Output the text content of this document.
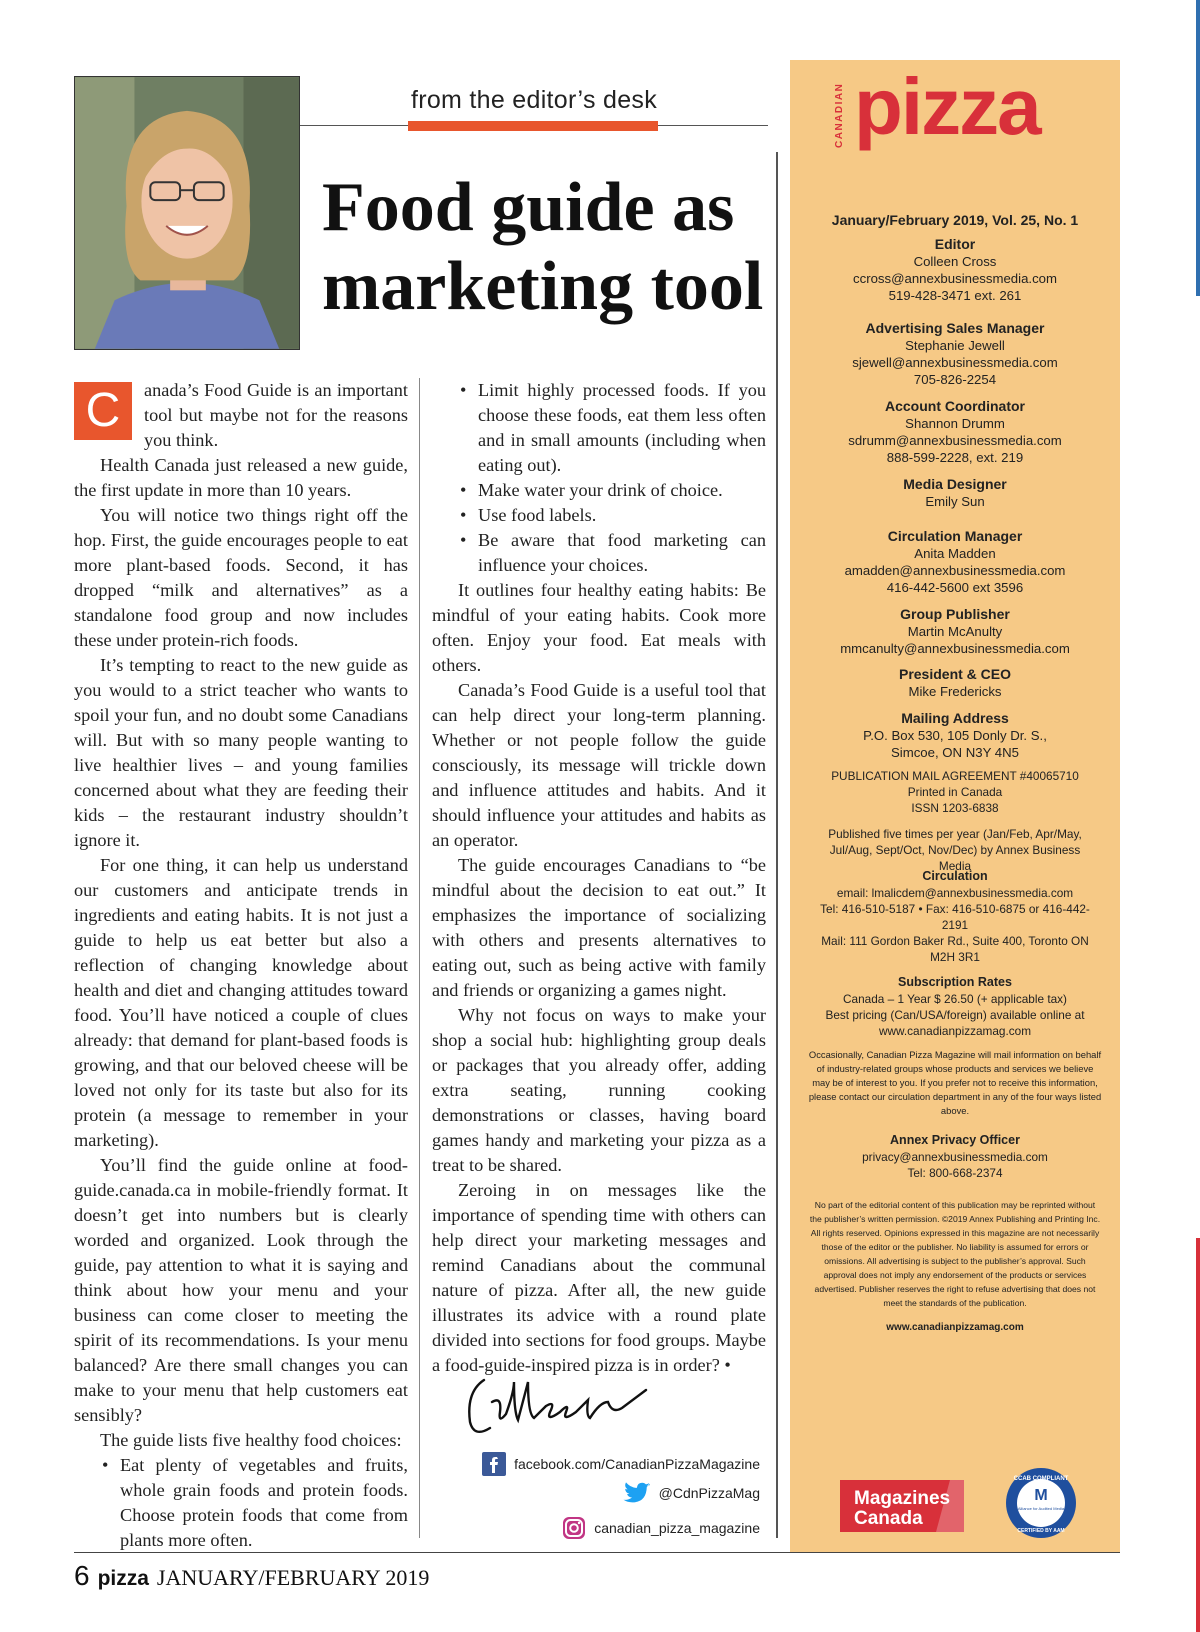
from the editor’s desk
Food guide as marketing tool

C	anada’s Food Guide is an important tool but maybe not for the reasons you think.

Health Canada just released a new guide, the first update in more than 10 years.

You will notice two things right off the hop. First, the guide encourages people to eat more plant-based foods. Second, it has dropped “milk and alternatives” as a standalone food group and now includes these under protein-rich foods.

It’s tempting to react to the new guide as you would to a strict teacher who wants to spoil your fun, and no doubt some Canadians will. But with so many people wanting to live healthier lives – and young families concerned about what they are feeding their kids – the restaurant industry shouldn’t ignore it.

For one thing, it can help us understand our customers and anticipate trends in ingredients and eating habits. It is not just a guide to help us eat better but also a reflection of changing knowledge about health and diet and changing attitudes toward food. You’ll have noticed a couple of clues already: that demand for plant-based foods is growing, and that our beloved cheese will be loved not only for its taste but also for its protein (a message to remember in your marketing).

You’ll find the guide online at food-guide.canada.ca in mobile-friendly format. It doesn’t get into numbers but is clearly worded and organized. Look through the guide, pay attention to what it is saying and think about how your menu and your business can come closer to meeting the spirit of its recommendations. Is your menu balanced? Are there small changes you can make to your menu that help customers eat sensibly?

The guide lists five healthy food choices:

• Eat plenty of vegetables and fruits, whole grain foods and protein foods. Choose protein foods that come from plants more often.
• Limit highly processed foods. If you choose these foods, eat them less often and in small amounts (including when eating out).
• Make water your drink of choice.
• Use food labels.
• Be aware that food marketing can influence your choices.

It outlines four healthy eating habits: Be mindful of your eating habits. Cook more often. Enjoy your food. Eat meals with others.

Canada’s Food Guide is a useful tool that can help direct your long-term planning. Whether or not people follow the guide consciously, its message will trickle down and influence attitudes and habits. And it should influence your attitudes and habits as an operator.

The guide encourages Canadians to “be mindful about the decision to eat out.” It emphasizes the importance of socializing with others and presents alternatives to eating out, such as being active with family and friends or organizing a games night.

Why not focus on ways to make your shop a social hub: highlighting group deals or packages that you already offer, adding extra seating, running cooking demonstrations or classes, having board games handy and marketing your pizza as a treat to be shared.

Zeroing in on messages like the importance of spending time with others can help direct your marketing messages and remind Canadians about the communal nature of pizza. After all, the new guide illustrates its advice with a round plate divided into sections for food groups. Maybe a food-guide-inspired pizza is in order? •

facebook.com/CanadianPizzaMagazine
@CdnPizzaMag
canadian_pizza_magazine
CANADIAN pizza
January/February 2019, Vol. 25, No. 1
Editor
Colleen Cross
ccross@annexbusinessmedia.com
519-428-3471 ext. 261
Advertising Sales Manager
Stephanie Jewell
sjewell@annexbusinessmedia.com
705-826-2254
Account Coordinator
Shannon Drumm
sdrumm@annexbusinessmedia.com
888-599-2228, ext. 219
Media Designer
Emily Sun
Circulation Manager
Anita Madden
amadden@annexbusinessmedia.com
416-442-5600 ext 3596
Group Publisher
Martin McAnulty
mmcanulty@annexbusinessmedia.com
President & CEO
Mike Fredericks
Mailing Address
P.O. Box 530, 105 Donly Dr. S.,
Simcoe, ON N3Y 4N5
PUBLICATION MAIL AGREEMENT #40065710
Printed in Canada
ISSN 1203-6838
Published five times per year (Jan/Feb, Apr/May, Jul/Aug, Sept/Oct, Nov/Dec) by Annex Business Media
Circulation
email: lmalicdem@annexbusinessmedia.com
Tel: 416-510-5187 • Fax: 416-510-6875 or 416-442-2191
Mail: 111 Gordon Baker Rd., Suite 400, Toronto ON M2H 3R1
Subscription Rates
Canada – 1 Year $ 26.50 (+ applicable tax)
Best pricing (Can/USA/foreign) available online at
www.canadianpizzamag.com
Occasionally, Canadian Pizza Magazine will mail information on behalf of industry-related groups whose products and services we believe may be of interest to you. If you prefer not to receive this information, please contact our circulation department in any of the four ways listed above.
Annex Privacy Officer
privacy@annexbusinessmedia.com
Tel: 800-668-2374
No part of the editorial content of this publication may be reprinted without the publisher’s written permission. ©2019 Annex Publishing and Printing Inc. All rights reserved. Opinions expressed in this magazine are not necessarily those of the editor or the publisher. No liability is assumed for errors or omissions. All advertising is subject to the publisher’s approval. Such approval does not imply any endorsement of the products or services advertised. Publisher reserves the right to refuse advertising that does not meet the standards of the publication.
www.canadianpizzamag.com
Magazines
Canada
CCAB COMPLIANT
M
Alliance for Audited Media
CERTIFIED BY AAM
6 pizza JANUARY/FEBRUARY 2019
